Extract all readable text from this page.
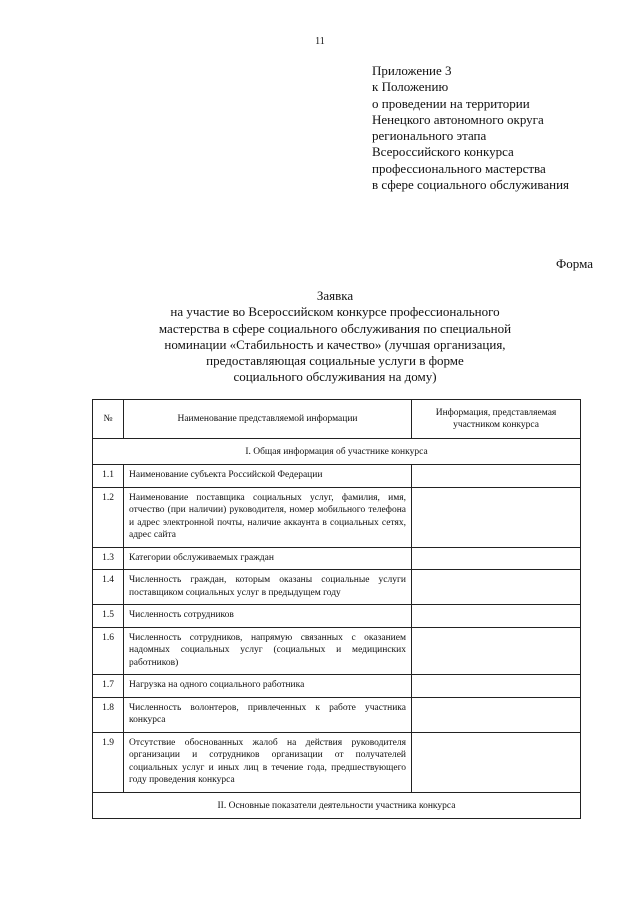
11
Приложение 3
к Положению
о проведении на территории
Ненецкого автономного округа
регионального этапа
Всероссийского конкурса
профессионального мастерства
в сфере социального обслуживания
Форма
Заявка
на участие во Всероссийском конкурсе профессионального
мастерства в сфере социального обслуживания по специальной
номинации «Стабильность и качество» (лучшая организация,
предоставляющая социальные услуги в форме
социального обслуживания на дому)
№	Наименование представляемой информации	Информация, представляемая участником конкурса
I. Общая информация об участнике конкурса		
1.1	Наименование субъекта Российской Федерации	
1.2	Наименование поставщика социальных услуг, фамилия, имя, отчество (при наличии) руководителя, номер мобильного телефона и адрес электронной почты, наличие аккаунта в социальных сетях, адрес сайта	
1.3	Категории обслуживаемых граждан	
1.4	Численность граждан, которым оказаны социальные услуги поставщиком социальных услуг в предыдущем году	
1.5	Численность сотрудников	
1.6	Численность сотрудников, напрямую связанных с оказанием надомных социальных услуг (социальных и медицинских работников)	
1.7	Нагрузка на одного социального работника	
1.8	Численность волонтеров, привлеченных к работе участника конкурса	
1.9	Отсутствие обоснованных жалоб на действия руководителя организации и сотрудников организации от получателей социальных услуг и иных лиц в течение года, предшествующего году проведения конкурса	
II. Основные показатели деятельности участника конкурса		
